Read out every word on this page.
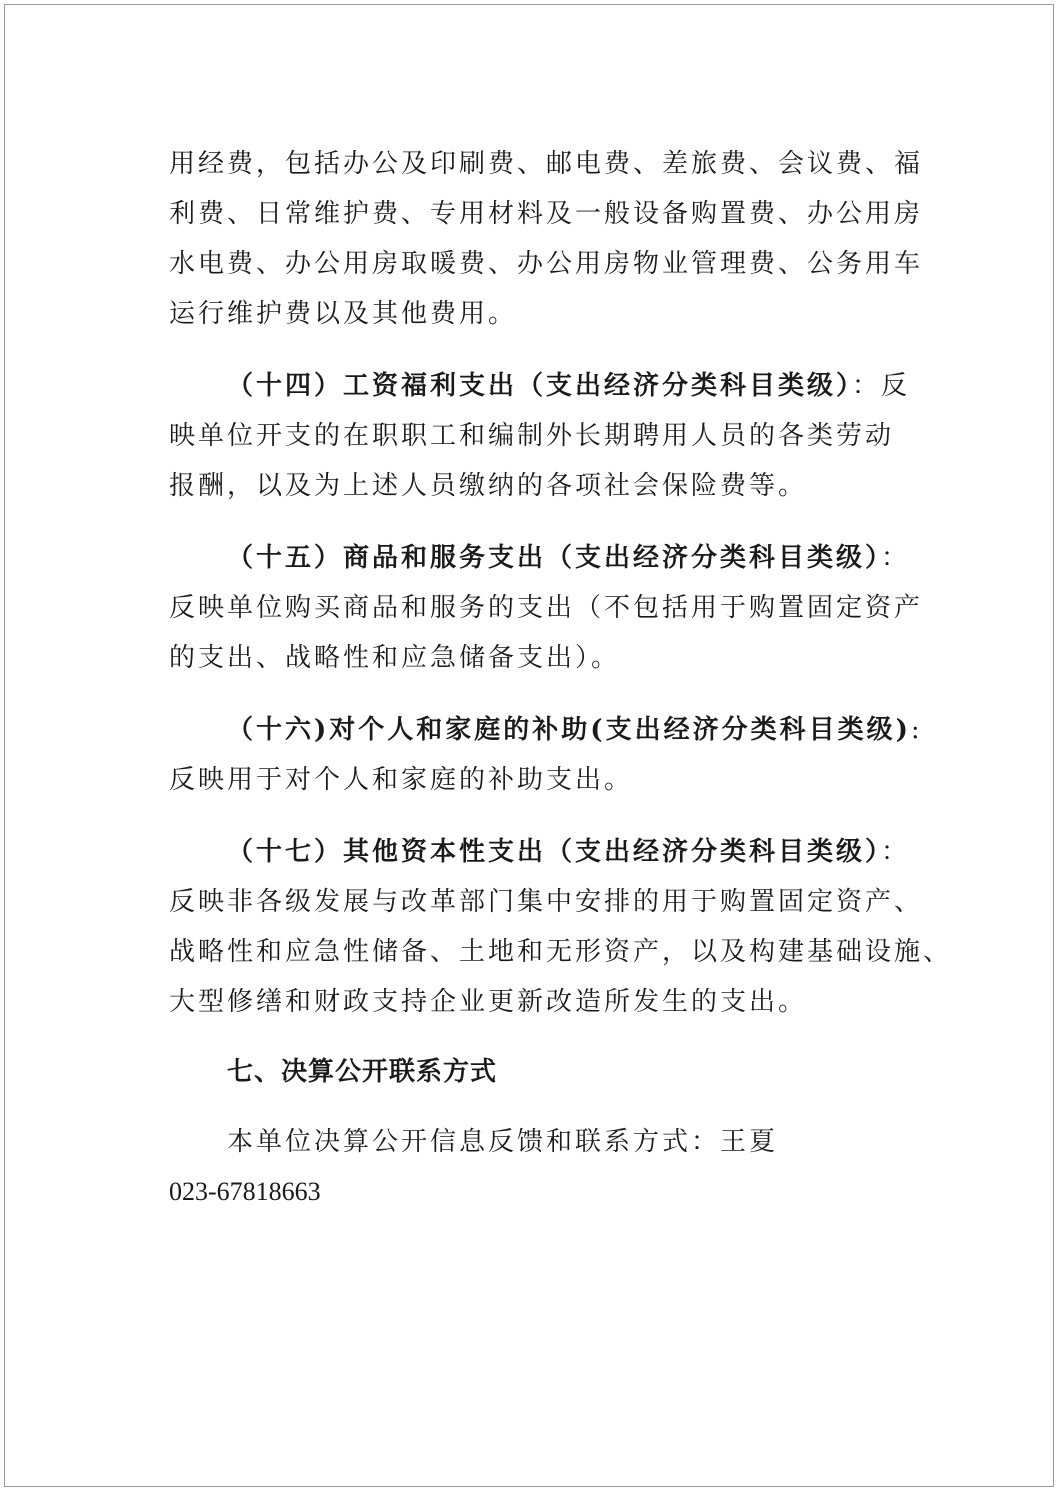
用经费，包括办公及印刷费、邮电费、差旅费、会议费、福
利费、日常维护费、专用材料及一般设备购置费、办公用房
水电费、办公用房取暖费、办公用房物业管理费、公务用车
运行维护费以及其他费用。
（十四）工资福利支出（支出经济分类科目类级）：反
映单位开支的在职职工和编制外长期聘用人员的各类劳动
报酬，以及为上述人员缴纳的各项社会保险费等。
（十五）商品和服务支出（支出经济分类科目类级）：
反映单位购买商品和服务的支出（不包括用于购置固定资产
的支出、战略性和应急储备支出）。
（十六)对个人和家庭的补助(支出经济分类科目类级):
反映用于对个人和家庭的补助支出。
（十七）其他资本性支出（支出经济分类科目类级）：
反映非各级发展与改革部门集中安排的用于购置固定资产、
战略性和应急性储备、土地和无形资产，以及构建基础设施、
大型修缮和财政支持企业更新改造所发生的支出。
七、决算公开联系方式
本单位决算公开信息反馈和联系方式：王夏
023-67818663
